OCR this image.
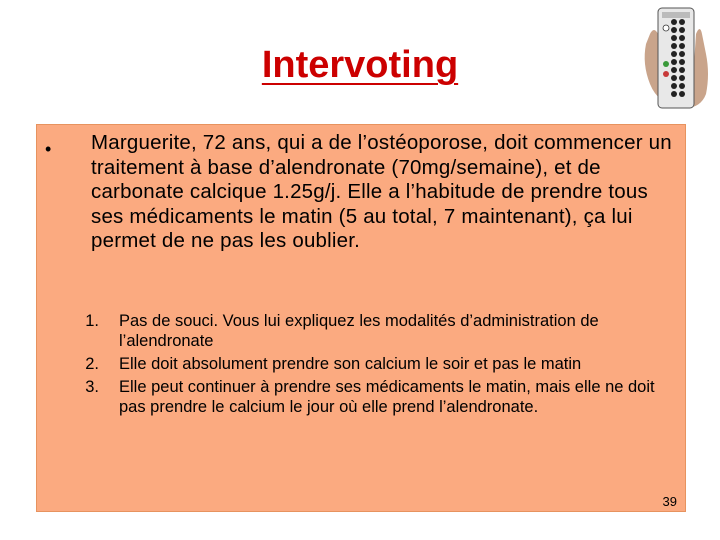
Intervoting
• Marguerite, 72 ans, qui a de l’ostéoporose, doit commencer un traitement à base d’alendronate (70mg/semaine), et de carbonate calcique 1.25g/j. Elle a l’habitude de prendre tous ses médicaments le matin (5 au total, 7 maintenant), ça lui permet de ne pas les oublier.
1. Pas de souci. Vous lui expliquez les modalités d’administration de l’alendronate
2. Elle doit absolument prendre son calcium le soir et pas le matin
3. Elle peut continuer à prendre ses médicaments le matin, mais elle ne doit pas prendre le calcium le jour où elle prend l’alendronate.
39
